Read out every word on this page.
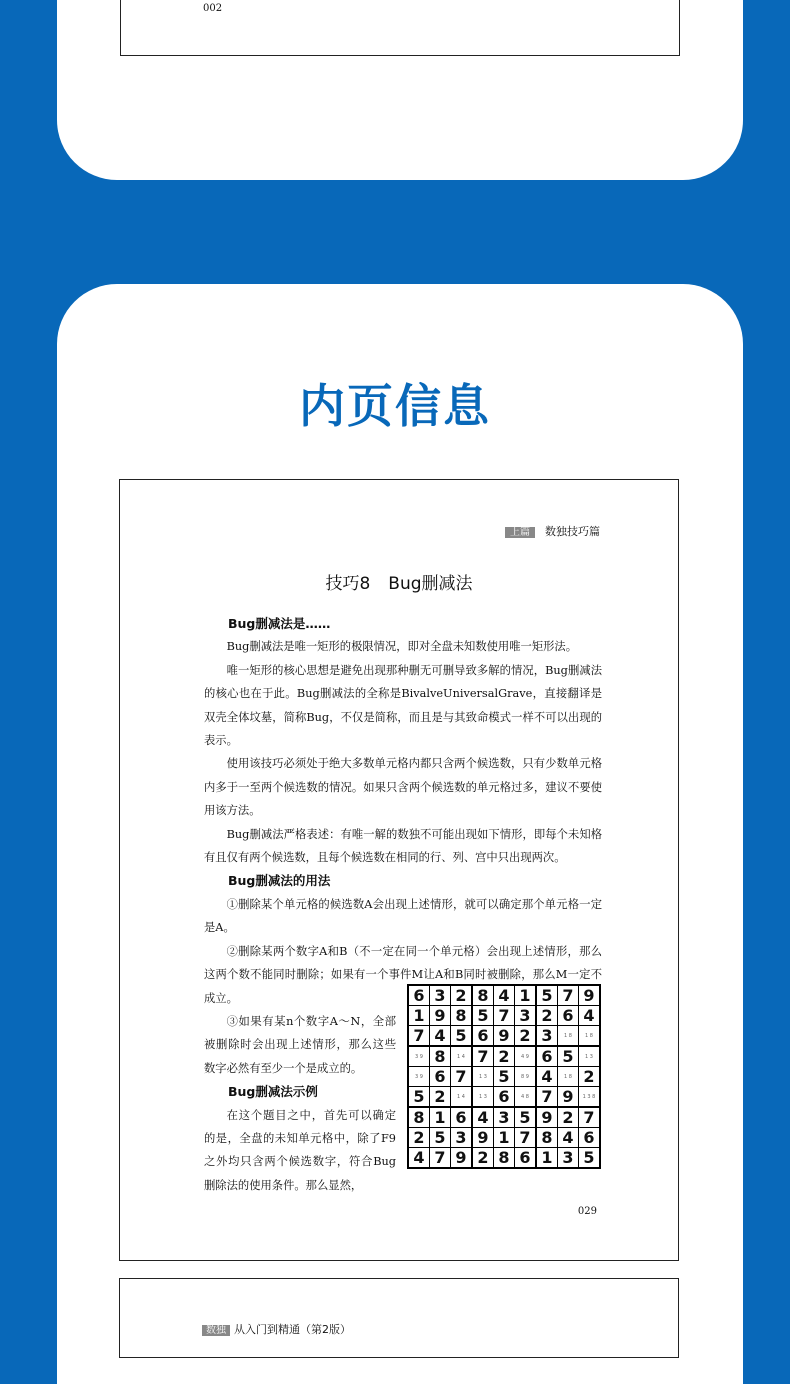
002
内页信息
上篇 数独技巧篇
技巧8 Bug删减法
Bug删减法是……

Bug删减法是唯一矩形的极限情况，即对全盘未知数使用唯一矩形法。

唯一矩形的核心思想是避免出现那种删无可删导致多解的情况，Bug删减法的核心也在于此。Bug删减法的全称是BivalveUniversalGrave，直接翻译是双壳全体坟墓，简称Bug，不仅是简称，而且是与其致命模式一样不可以出现的表示。

使用该技巧必须处于绝大多数单元格内都只含两个候选数，只有少数单元格内多于一至两个候选数的情况。如果只含两个候选数的单元格过多，建议不要使用该方法。

Bug删减法严格表述：有唯一解的数独不可能出现如下情形，即每个未知格有且仅有两个候选数，且每个候选数在相同的行、列、宫中只出现两次。

Bug删减法的用法

①删除某个单元格的候选数A会出现上述情形，就可以确定那个单元格一定是A。

②删除某两个数字A和B（不一定在同一个单元格）会出现上述情形，那么这两个数不能同时删除；如果有一个事件M让A和B同时被删除，那么M一定不成立。

③如果有某n个数字A～N，全部被删除时会出现上述情形，那么这些数字必然有至少一个是成立的。

Bug删减法示例

在这个题目之中，首先可以确定的是，全盘的未知单元格中，除了F9之外均只含两个候选数字，符合Bug删除法的使用条件。那么显然，

6	3	2	8	4	1	5	7	9
1	9	8	5	7	3	2	6	4
7	4	5	6	9	2	3	1 8	1 8
3 9	8	1 4	7	2	4 9	6	5	1 3
3 9	6	7	1 3	5	8 9	4	1 8	2
5	2	1 4	1 3	6	4 8	7	9	1 3 8
8	1	6	4	3	5	9	2	7
2	5	3	9	1	7	8	4	6
4	7	9	2	8	6	1	3	5
029
数独 从入门到精通（第2版）
